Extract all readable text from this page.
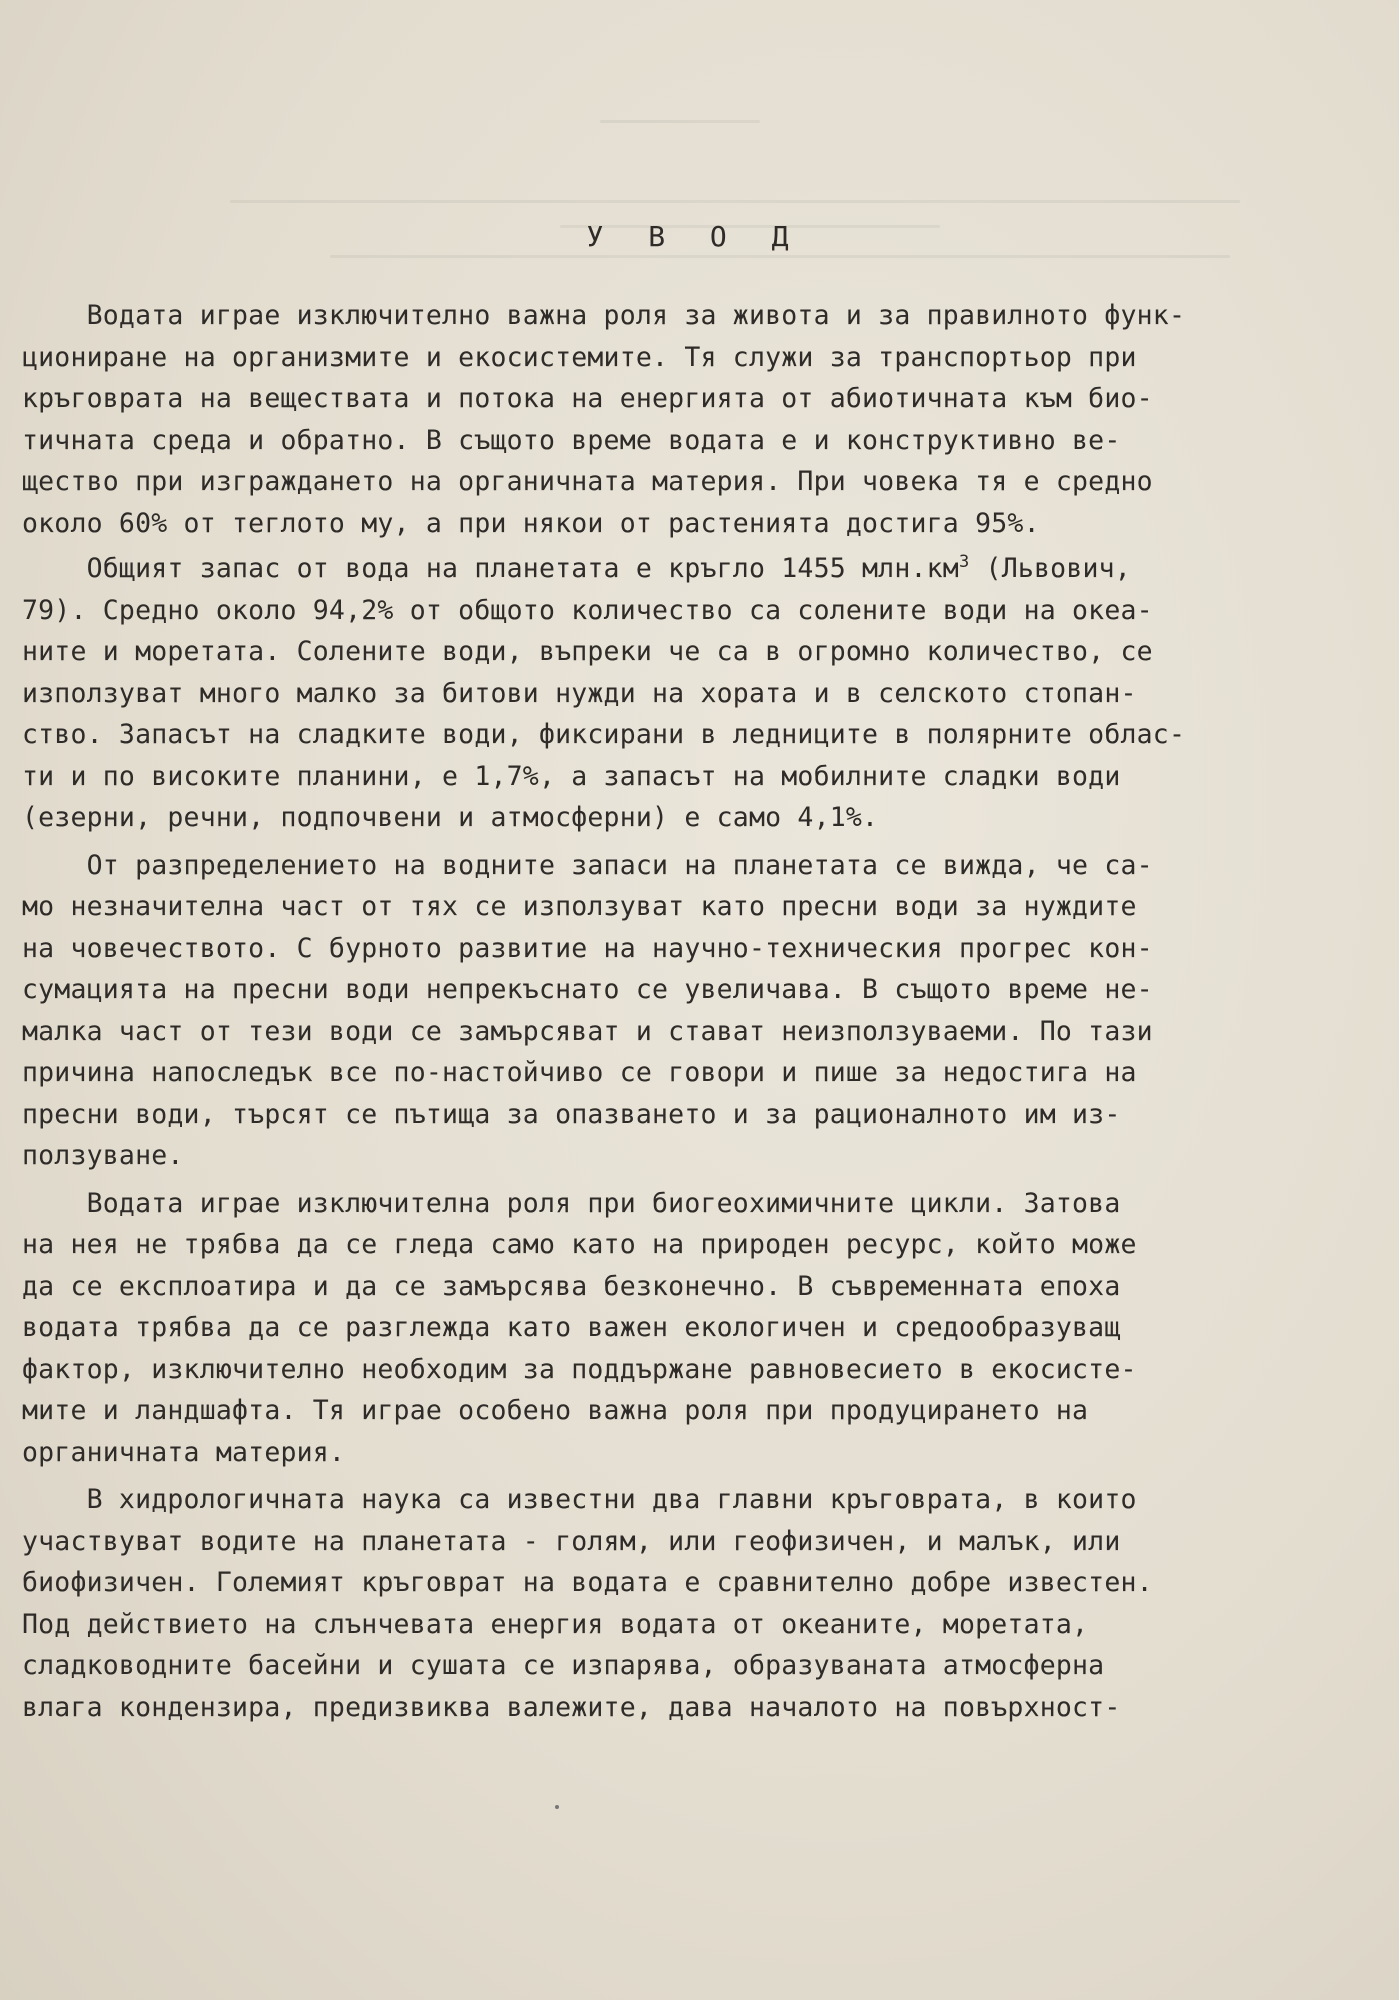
У В О Д
Водата играе изключително важна роля за живота и за правилното функ-
циониране на организмите и екосистемите. Тя служи за транспортьор при
кръговрата на веществата и потока на енергията от абиотичната към био-
тичната среда и обратно. В същото време водата е и конструктивно ве-
щество при изграждането на органичната материя. При човека тя е средно
около 60% от теглото му, а при някои от растенията достига 95%.
Общият запас от вода на планетата е кръгло 1455 $млн.км^3$ (Львович,
79). Средно около 94,2% от общото количество са солените води на океа-
ните и моретата. Солените води, въпреки че са в огромно количество, се
използуват много малко за битови нужди на хората и в селското стопан-
ство. Запасът на сладките води, фиксирани в ледниците в полярните облас-
ти и по високите планини, е 1,7%, а запасът на мобилните сладки води
(езерни, речни, подпочвени и атмосферни) е само 4,1%.
От разпределението на водните запаси на планетата се вижда, че са-
мо незначителна част от тях се използуват като пресни води за нуждите
на човечеството. С бурното развитие на научно-техническия прогрес кон-
сумацията на пресни води непрекъснато се увеличава. В същото време не-
малка част от тези води се замърсяват и стават неизползуваеми. По тази
причина напоследък все по-настойчиво се говори и пише за недостига на
пресни води, търсят се пътища за опазването и за рационалното им из-
ползуване.
Водата играе изключителна роля при биогеохимичните цикли. Затова
на нея не трябва да се гледа само като на природен ресурс, който може
да се експлоатира и да се замърсява безконечно. В съвременната епоха
водата трябва да се разглежда като важен екологичен и средообразуващ
фактор, изключително необходим за поддържане равновесието в екосисте-
мите и ландшафта. Тя играе особено важна роля при продуцирането на
органичната материя.
В хидрологичната наука са известни два главни кръговрата, в които
участвуват водите на планетата - голям, или геофизичен, и малък, или
биофизичен. Големият кръговрат на водата е сравнително добре известен.
Под действието на слънчевата енергия водата от океаните, моретата,
сладководните басейни и сушата се изпарява, образуваната атмосферна
влага кондензира, предизвиква валежите, дава началото на повърхност-
